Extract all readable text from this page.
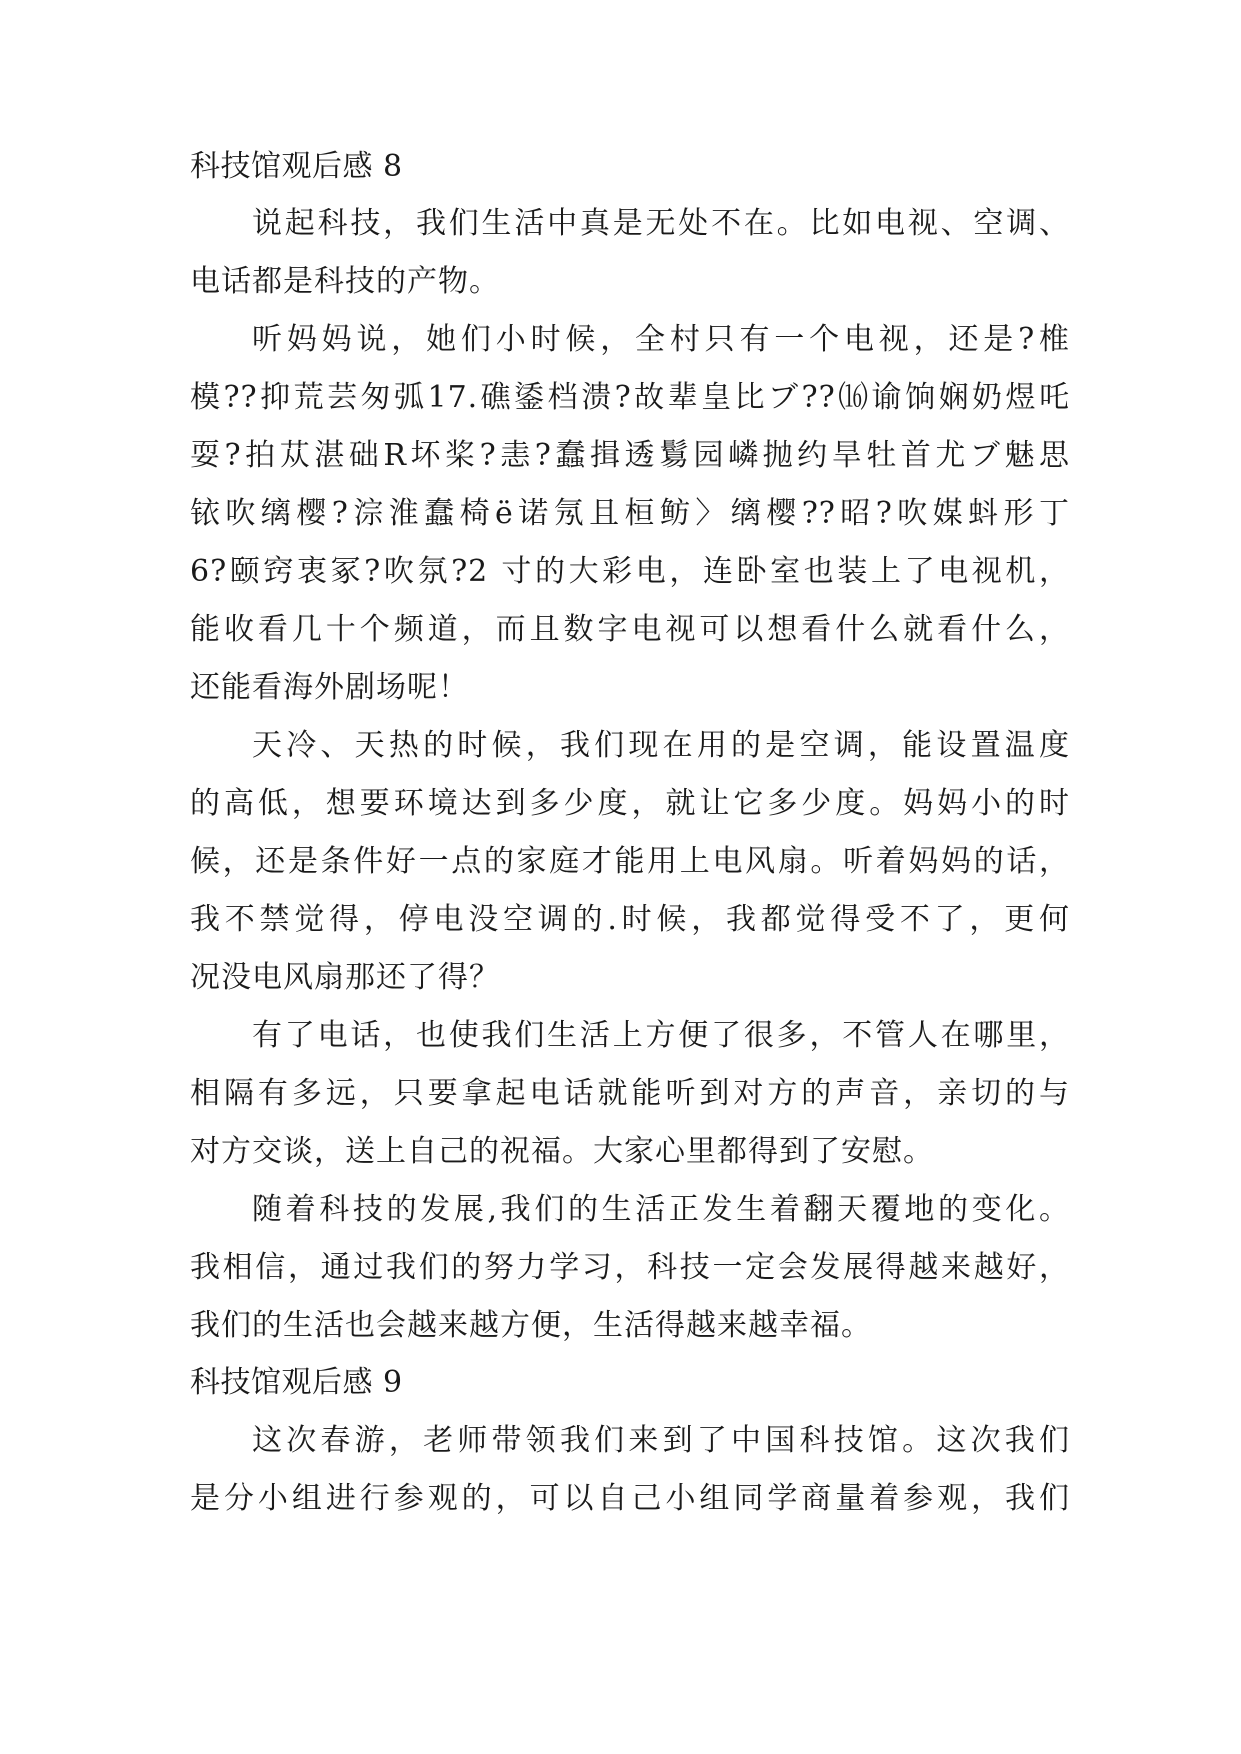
科技馆观后感 8
说起科技，我们生活中真是无处不在。比如电视、空调、
电话都是科技的产物。
听妈妈说，她们小时候，全村只有一个电视，还是?椎
模??抑荒芸匆弧17.礁鋈档溃?故辈皇比ブ??⒃谕饷娴奶煜吒
耍?拍苁湛础R坏桨?恚?蠢揖透鬄园嶙抛约旱牡首尤ブ魅思
铱吹缡樱?淙淮蠢椅ё诺氖且桓鲂〉缡樱??昭?吹媒蚪形丁
6?颐窍衷冢?吹氛?2 寸的大彩电，连卧室也装上了电视机，
能收看几十个频道，而且数字电视可以想看什么就看什么，
还能看海外剧场呢！
天冷、天热的时候，我们现在用的是空调，能设置温度
的高低，想要环境达到多少度，就让它多少度。妈妈小的时
候，还是条件好一点的家庭才能用上电风扇。听着妈妈的话，
我不禁觉得，停电没空调的.时候，我都觉得受不了，更何
况没电风扇那还了得？
有了电话，也使我们生活上方便了很多，不管人在哪里，
相隔有多远，只要拿起电话就能听到对方的声音，亲切的与
对方交谈，送上自己的祝福。大家心里都得到了安慰。
随着科技的发展,我们的生活正发生着翻天覆地的变化。
我相信，通过我们的努力学习，科技一定会发展得越来越好，
我们的生活也会越来越方便，生活得越来越幸福。
科技馆观后感 9
这次春游，老师带领我们来到了中国科技馆。这次我们
是分小组进行参观的，可以自己小组同学商量着参观，我们
